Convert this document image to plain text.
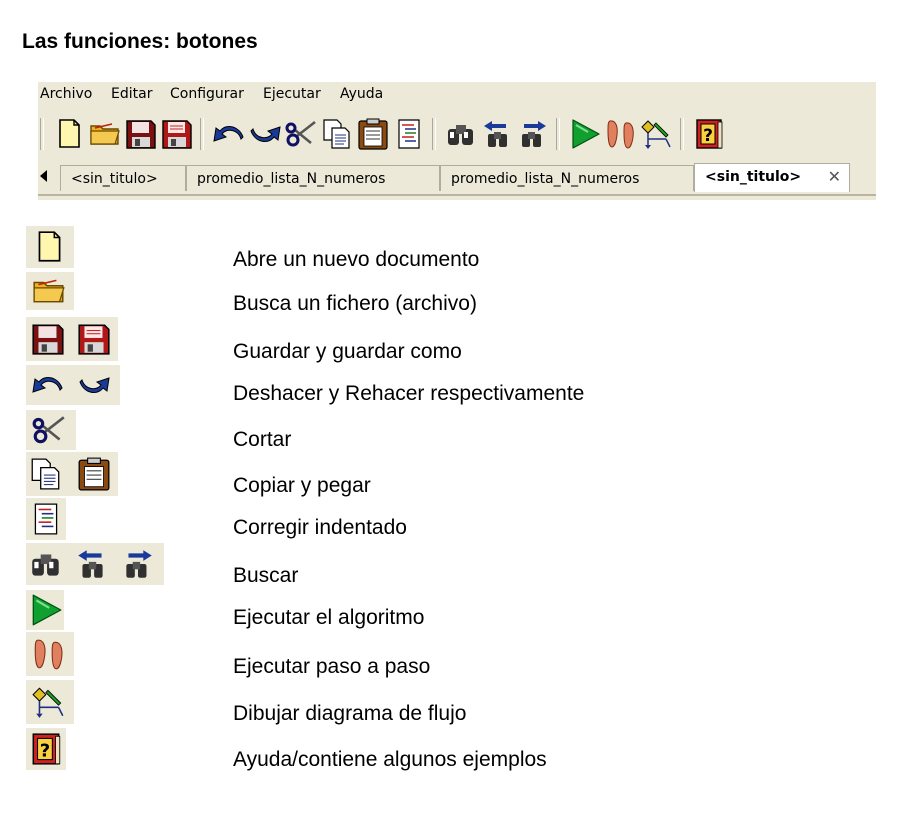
Las funciones: botones
Archivo Editar Configurar Ejecutar Ayuda
?
<sin_titulo>	promedio_lista_N_numeros	promedio_lista_N_numeros	<sin_titulo> ✕
?
Abre un nuevo documento
Busca un fichero (archivo)
Guardar y guardar como
Deshacer y Rehacer respectivamente
Cortar
Copiar y pegar
Corregir indentado
Buscar
Ejecutar el algoritmo
Ejecutar paso a paso
Dibujar diagrama de flujo
Ayuda/contiene algunos ejemplos
